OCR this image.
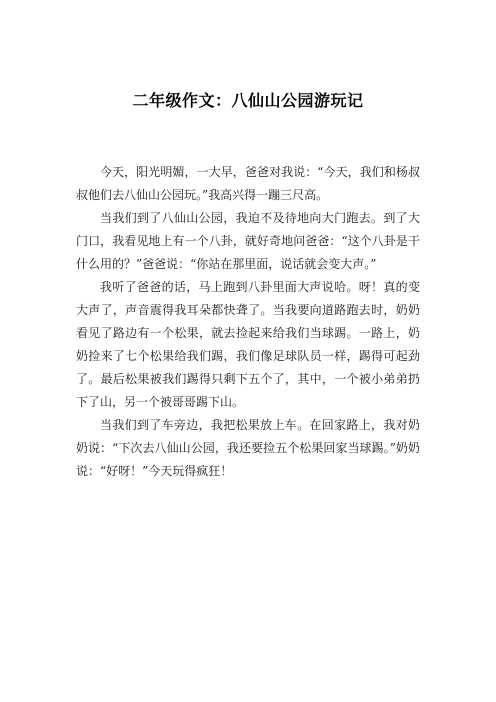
二年级作文：八仙山公园游玩记

今天，阳光明媚，一大早，爸爸对我说：“今天，我们和杨叔叔他们去八仙山公园玩。”我高兴得一蹦三尺高。

当我们到了八仙山公园，我迫不及待地向大门跑去。到了大门口，我看见地上有一个八卦，就好奇地问爸爸：“这个八卦是干什么用的？”爸爸说：“你站在那里面，说话就会变大声。”

我听了爸爸的话，马上跑到八卦里面大声说哈。呀！真的变大声了，声音震得我耳朵都快聋了。当我要向道路跑去时，奶奶看见了路边有一个松果，就去捡起来给我们当球踢。一路上，奶奶捡来了七个松果给我们踢，我们像足球队员一样，踢得可起劲了。最后松果被我们踢得只剩下五个了，其中，一个被小弟弟扔下了山，另一个被哥哥踢下山。

当我们到了车旁边，我把松果放上车。在回家路上，我对奶奶说：“下次去八仙山公园，我还要捡五个松果回家当球踢。”奶奶说：“好呀！”今天玩得疯狂！
